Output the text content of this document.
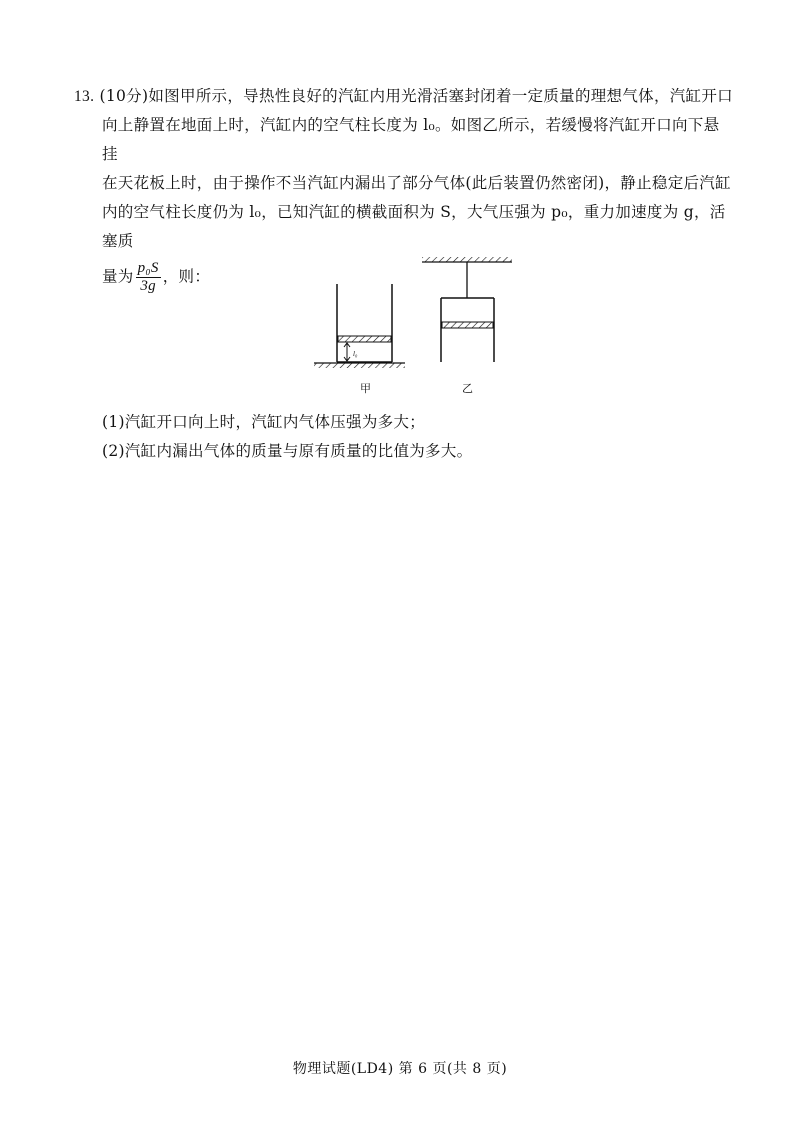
13. (10分)如图甲所示，导热性良好的汽缸内用光滑活塞封闭着一定质量的理想气体，汽缸开口

向上静置在地面上时，汽缸内的空气柱长度为 l₀。如图乙所示，若缓慢将汽缸开口向下悬挂

在天花板上时，由于操作不当汽缸内漏出了部分气体(此后装置仍然密闭)，静止稳定后汽缸

内的空气柱长度仍为 l₀，已知汽缸的横截面积为 S，大气压强为 p₀，重力加速度为 g，活塞质

量为 $\frac{\text{p₀S}}{3g}$ ，则：

l₀
甲	乙

(1)汽缸开口向上时，汽缸内气体压强为多大；

(2)汽缸内漏出气体的质量与原有质量的比值为多大。

物理试题(LD4) 第 6 页(共 8 页)
